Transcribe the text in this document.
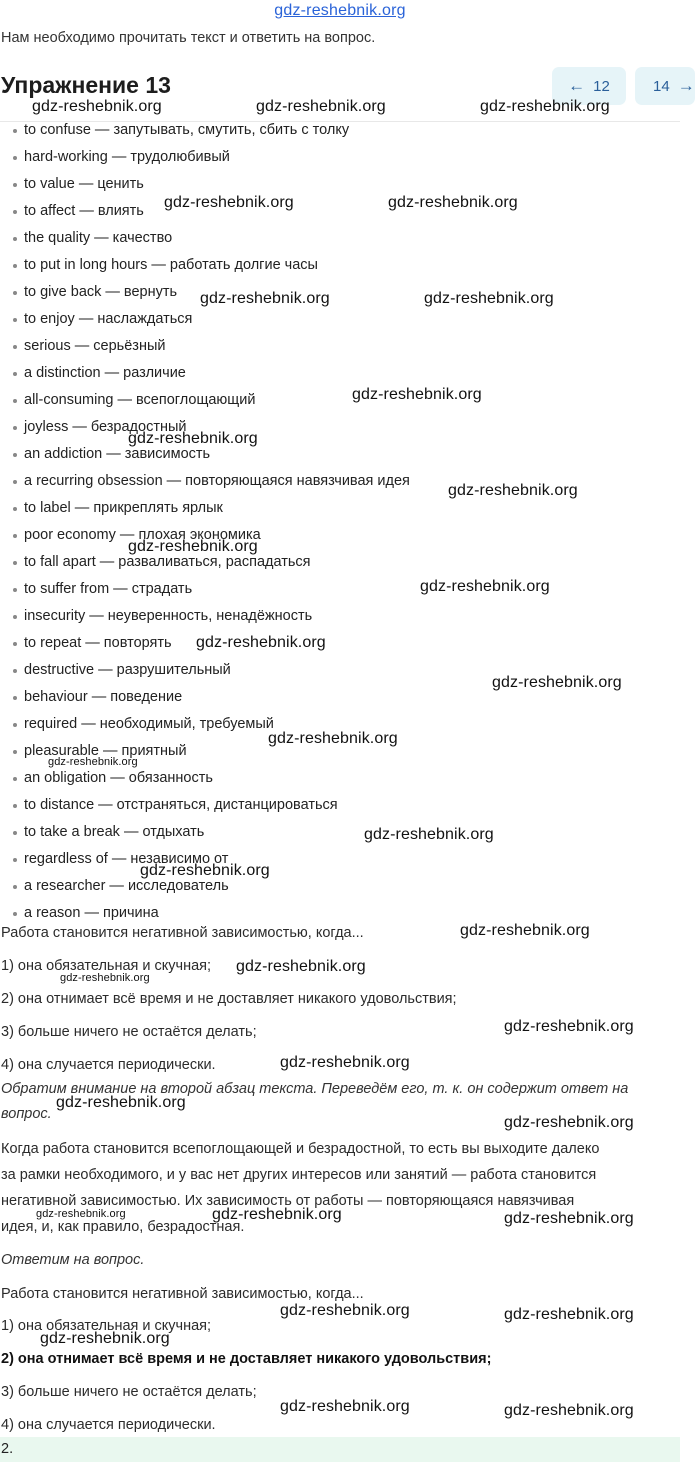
gdz-reshebnik.org
Нам необходимо прочитать текст и ответить на вопрос.
Упражнение 13	← 12	14 →
to confuse — запутывать, смутить, сбить с толку
hard-working — трудолюбивый
to value — ценить
to affect — влиять
the quality — качество
to put in long hours — работать долгие часы
to give back — вернуть
to enjoy — наслаждаться
serious — серьёзный
a distinction — различие
all-consuming — всепоглощающий
joyless — безрадостный
an addiction — зависимость
a recurring obsession — повторяющаяся навязчивая идея
to label — прикреплять ярлык
poor economy — плохая экономика
to fall apart — разваливаться, распадаться
to suffer from — страдать
insecurity — неуверенность, ненадёжность
to repeat — повторять
destructive — разрушительный
behaviour — поведение
required — необходимый, требуемый
pleasurable — приятный
an obligation — обязанность
to distance — отстраняться, дистанцироваться
to take a break — отдыхать
regardless of — независимо от
a researcher — исследователь
a reason — причина
Работа становится негативной зависимостью, когда...
1) она обязательная и скучная;
2) она отнимает всё время и не доставляет никакого удовольствия;
3) больше ничего не остаётся делать;
4) она случается периодически.
Обратим внимание на второй абзац текста. Переведём его, т. к. он содержит ответ на
вопрос.
Когда работа становится всепоглощающей и безрадостной, то есть вы выходите далеко
за рамки необходимого, и у вас нет других интересов или занятий — работа становится
негативной зависимостью. Их зависимость от работы — повторяющаяся навязчивая
идея, и, как правило, безрадостная.
Ответим на вопрос.
Работа становится негативной зависимостью, когда...
1) она обязательная и скучная;
2) она отнимает всё время и не доставляет никакого удовольствия;
3) больше ничего не остаётся делать;
4) она случается периодически.
2.
gdz-reshebnik.org	gdz-reshebnik.org	gdz-reshebnik.org
gdz-reshebnik.org	gdz-reshebnik.org
gdz-reshebnik.org	gdz-reshebnik.org
gdz-reshebnik.org
gdz-reshebnik.org
gdz-reshebnik.org
gdz-reshebnik.org
gdz-reshebnik.org
gdz-reshebnik.org
gdz-reshebnik.org
gdz-reshebnik.org
gdz-reshebnik.org
gdz-reshebnik.org
gdz-reshebnik.org
gdz-reshebnik.org
gdz-reshebnik.org
gdz-reshebnik.org
gdz-reshebnik.org
gdz-reshebnik.org
gdz-reshebnik.org
gdz-reshebnik.org
gdz-reshebnik.org	gdz-reshebnik.org	gdz-reshebnik.org
gdz-reshebnik.org	gdz-reshebnik.org
gdz-reshebnik.org
gdz-reshebnik.org	gdz-reshebnik.org
